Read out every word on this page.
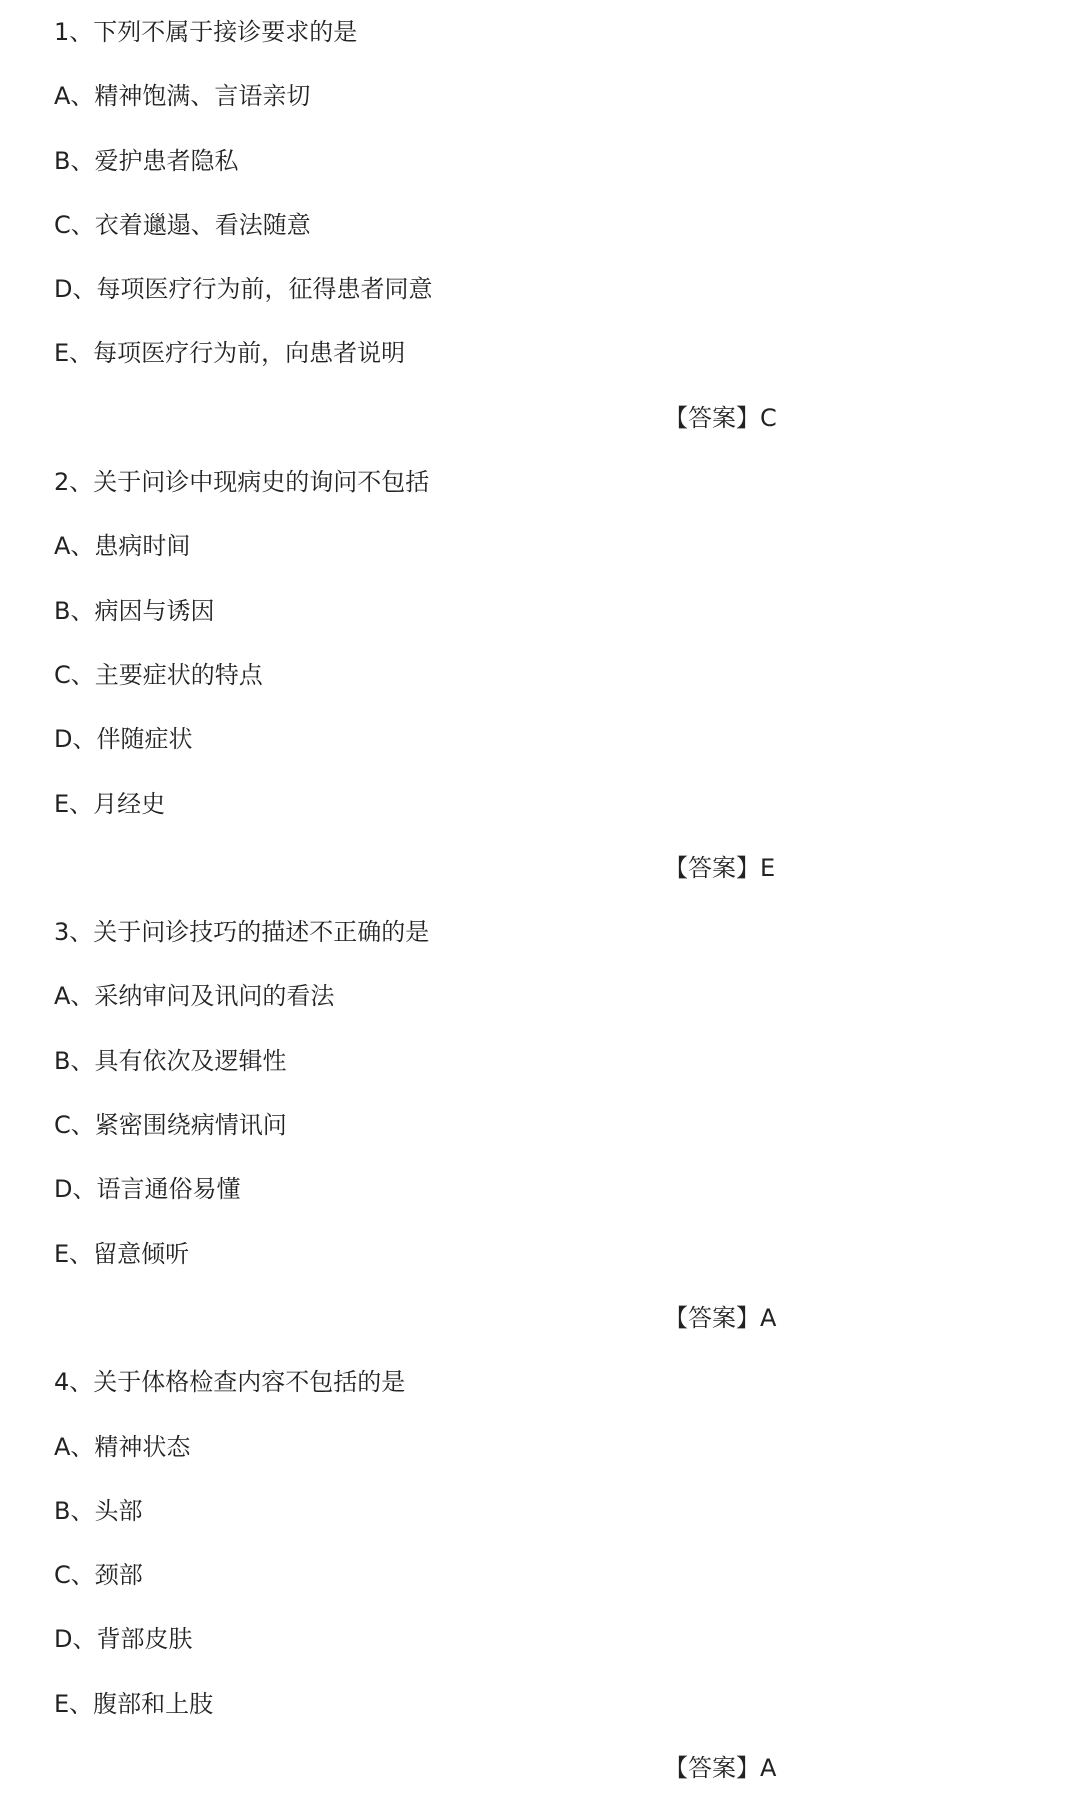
1、下列不属于接诊要求的是
A、精神饱满、言语亲切
B、爱护患者隐私
C、衣着邋遢、看法随意
D、每项医疗行为前，征得患者同意
E、每项医疗行为前，向患者说明
【答案】C
2、关于问诊中现病史的询问不包括
A、患病时间
B、病因与诱因
C、主要症状的特点
D、伴随症状
E、月经史
【答案】E
3、关于问诊技巧的描述不正确的是
A、采纳审问及讯问的看法
B、具有依次及逻辑性
C、紧密围绕病情讯问
D、语言通俗易懂
E、留意倾听
【答案】A
4、关于体格检查内容不包括的是
A、精神状态
B、头部
C、颈部
D、背部皮肤
E、腹部和上肢
【答案】A
